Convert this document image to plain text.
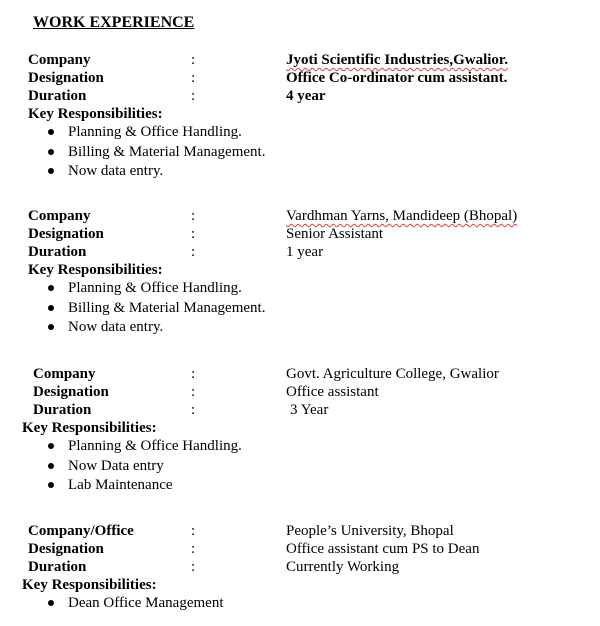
WORK EXPERIENCE
Company	:	Jyoti Scientific Industries,Gwalior.
Designation	:	Office Co-ordinator cum assistant.
Duration	:	4 year
Key Responsibilities:
Planning & Office Handling.
Billing & Material Management.
Now data entry.
Company	:	Vardhman Yarns, Mandideep (Bhopal)
Designation	:	Senior Assistant
Duration	:	1 year
Key Responsibilities:
Planning & Office Handling.
Billing & Material Management.
Now data entry.
Company	:	Govt. Agriculture College, Gwalior
Designation	:	Office assistant
Duration	:	3 Year
Key Responsibilities:
Planning & Office Handling.
Now Data entry
Lab Maintenance
Company/Office	:	People’s University, Bhopal
Designation	:	Office assistant cum PS to Dean
Duration	:	Currently Working
Key Responsibilities:
Dean Office Management
